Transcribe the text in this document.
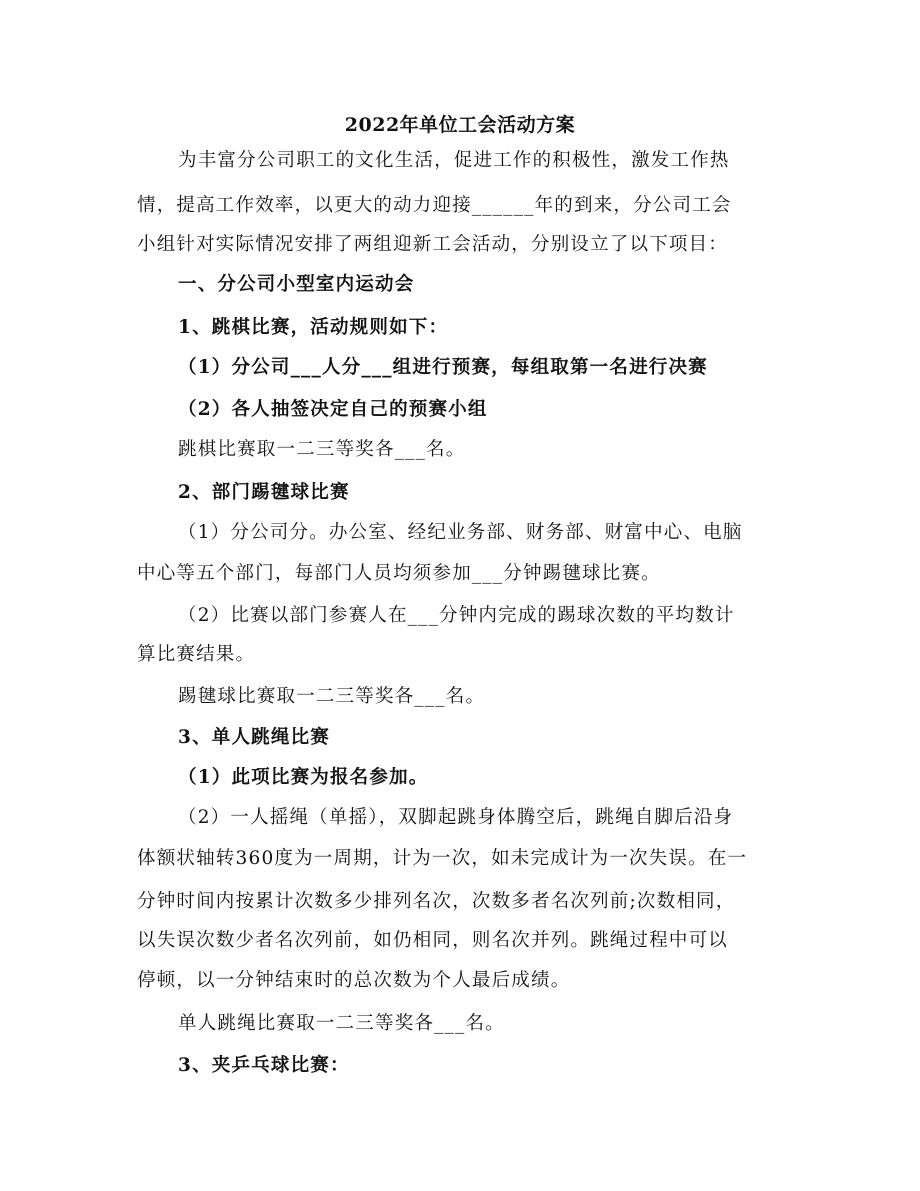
2022年单位工会活动方案
为丰富分公司职工的文化生活，促进工作的积极性，激发工作热
情，提高工作效率，以更大的动力迎接______年的到来，分公司工会
小组针对实际情况安排了两组迎新工会活动，分别设立了以下项目：
一、分公司小型室内运动会
1、跳棋比赛，活动规则如下：
（1）分公司___人分___组进行预赛，每组取第一名进行决赛
（2）各人抽签决定自己的预赛小组
跳棋比赛取一二三等奖各___名。
2、部门踢毽球比赛
（1）分公司分。办公室、经纪业务部、财务部、财富中心、电脑
中心等五个部门，每部门人员均须参加___分钟踢毽球比赛。
（2）比赛以部门参赛人在___分钟内完成的踢球次数的平均数计
算比赛结果。
踢毽球比赛取一二三等奖各___名。
3、单人跳绳比赛
（1）此项比赛为报名参加。
（2）一人摇绳（单摇），双脚起跳身体腾空后，跳绳自脚后沿身
体额状轴转360度为一周期，计为一次，如未完成计为一次失误。在一
分钟时间内按累计次数多少排列名次，次数多者名次列前;次数相同，
以失误次数少者名次列前，如仍相同，则名次并列。跳绳过程中可以
停顿，以一分钟结束时的总次数为个人最后成绩。
单人跳绳比赛取一二三等奖各___名。
3、夹乒乓球比赛：
